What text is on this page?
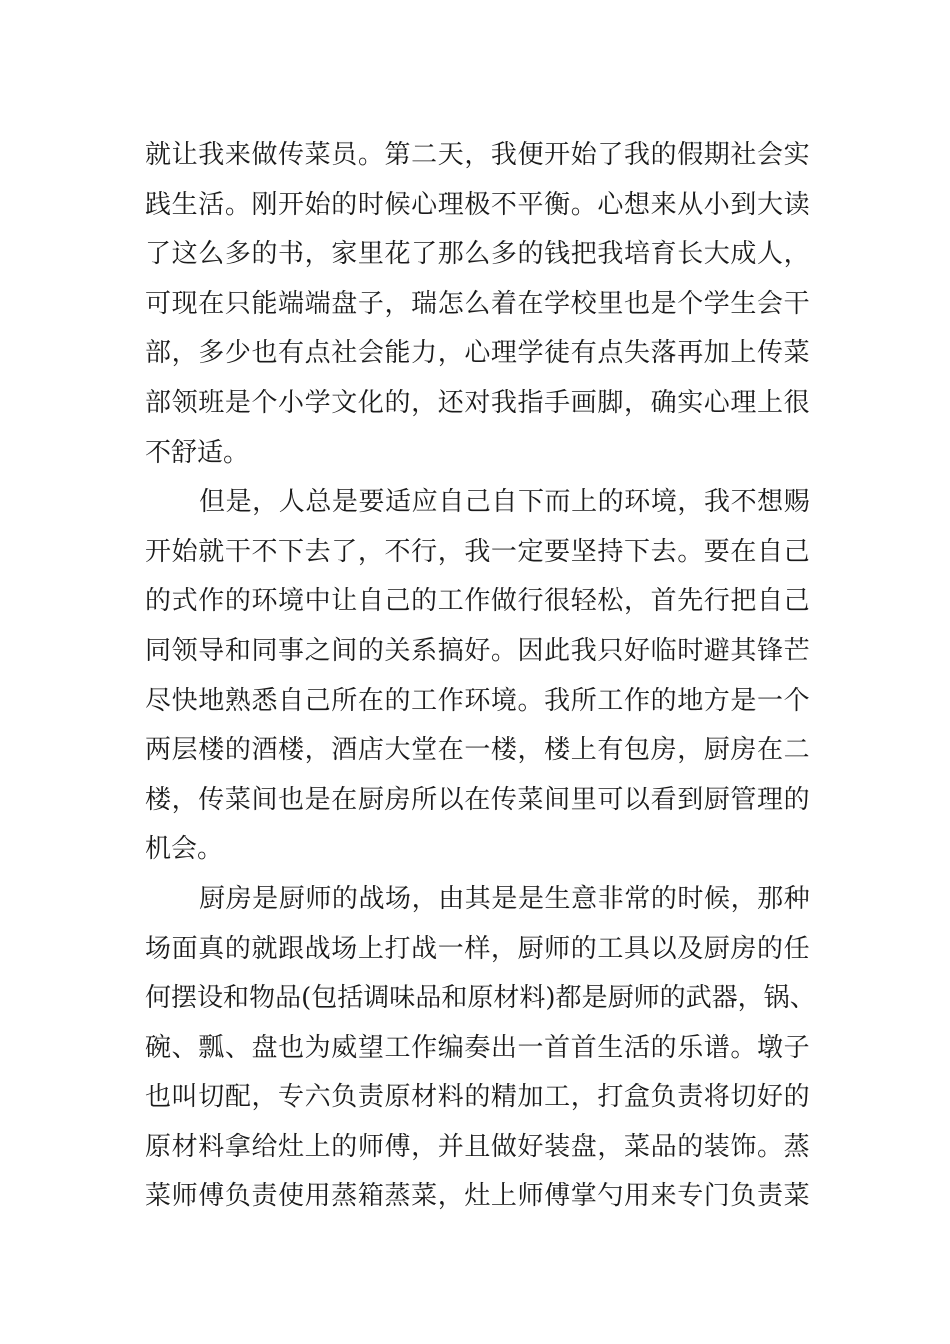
就 让 我 来 做 传 菜 员 。 第 二 天 ， 我 便 开 始 了 我 的 假 期 社 会 实
践 生 活 。 刚 开 始 的 时 候 心 理 极 不 平 衡 。 心 想 来 从 小 到 大 读
了 这 么 多 的 书 ， 家 里 花 了 那 么 多 的 钱 把 我 培 育 长 大 成 人 ，
可 现 在 只 能 端 端 盘 子 ， 瑞 怎 么 着 在 学 校 里 也 是 个 学 生 会 干
部 ， 多 少 也 有 点 社 会 能 力 ， 心 理 学 徒 有 点 失 落 再 加 上 传 菜
部 领 班 是 个 小 学 文 化 的 ， 还 对 我 指 手 画 脚 ， 确 实 心 理 上 很
不舒适。
但 是 ， 人 总 是 要 适 应 自 己 自 下 而 上 的 环 境 ， 我 不 想 赐
开 始 就 干 不 下 去 了 ， 不 行 ， 我 一 定 要 坚 持 下 去 。 要 在 自 己
的 式 作 的 环 境 中 让 自 己 的 工 作 做 行 很 轻 松 ， 首 先 行 把 自 己
同 领 导 和 同 事 之 间 的 关 系 搞 好 。 因 此 我 只 好 临 时 避 其 锋 芒
尽 快 地 熟 悉 自 己 所 在 的 工 作 环 境 。 我 所 工 作 的 地 方 是 一 个
两 层 楼 的 酒 楼 ， 酒 店 大 堂 在 一 楼 ， 楼 上 有 包 房 ， 厨 房 在 二
楼 ， 传 菜 间 也 是 在 厨 房 所 以 在 传 菜 间 里 可 以 看 到 厨 管 理 的
机会。
厨 房 是 厨 师 的 战 场 ， 由 其 是 是 生 意 非 常 的 时 候 ， 那 种
场 面 真 的 就 跟 战 场 上 打 战 一 样 ， 厨 师 的 工 具 以 及 厨 房 的 任
何 摆 设 和 物 品 ( 包 括 调 味 品 和 原 材 料 ) 都 是 厨 师 的 武 器 ， 锅 、
碗 、 瓢 、 盘 也 为 威 望 工 作 编 奏 出 一 首 首 生 活 的 乐 谱 。 墩 子
也 叫 切 配 ， 专 六 负 责 原 材 料 的 精 加 工 ， 打 盒 负 责 将 切 好 的
原 材 料 拿 给 灶 上 的 师 傅 ， 并 且 做 好 装 盘 ， 菜 品 的 装 饰 。 蒸
菜 师 傅 负 责 使 用 蒸 箱 蒸 菜 ， 灶 上 师 傅 掌 勺 用 来 专 门 负 责 菜
